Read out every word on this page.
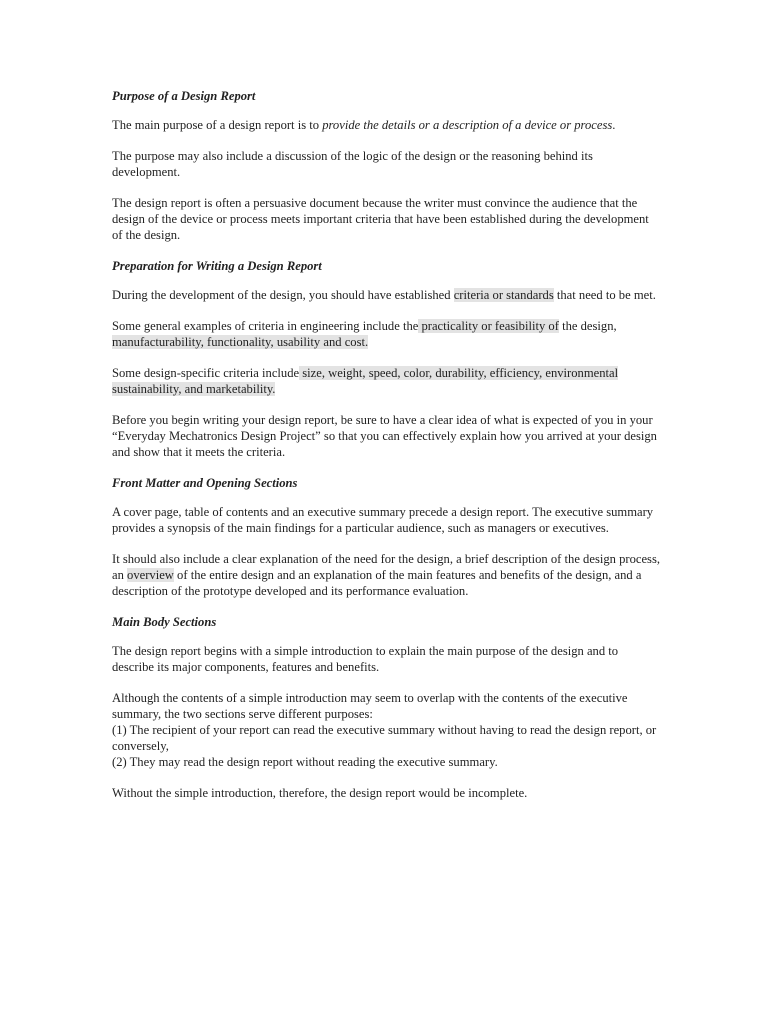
Purpose of a Design Report

The main purpose of a design report is to provide the details or a description of a device or process.

The purpose may also include a discussion of the logic of the design or the reasoning behind its development.

The design report is often a persuasive document because the writer must convince the audience that the design of the device or process meets important criteria that have been established during the development of the design.

Preparation for Writing a Design Report

During the development of the design, you should have established criteria or standards that need to be met.

Some general examples of criteria in engineering include the practicality or feasibility of the design, manufacturability, functionality, usability and cost.

Some design-specific criteria include size, weight, speed, color, durability, efficiency, environmental sustainability, and marketability.

Before you begin writing your design report, be sure to have a clear idea of what is expected of you in your “Everyday Mechatronics Design Project” so that you can effectively explain how you arrived at your design and show that it meets the criteria.

Front Matter and Opening Sections

A cover page, table of contents and an executive summary precede a design report. The executive summary provides a synopsis of the main findings for a particular audience, such as managers or executives.

It should also include a clear explanation of the need for the design, a brief description of the design process, an overview of the entire design and an explanation of the main features and benefits of the design, and a description of the prototype developed and its performance evaluation.

Main Body Sections

The design report begins with a simple introduction to explain the main purpose of the design and to describe its major components, features and benefits.

Although the contents of a simple introduction may seem to overlap with the contents of the executive summary, the two sections serve different purposes:
(1) The recipient of your report can read the executive summary without having to read the design report, or conversely,
(2) They may read the design report without reading the executive summary.

Without the simple introduction, therefore, the design report would be incomplete.
